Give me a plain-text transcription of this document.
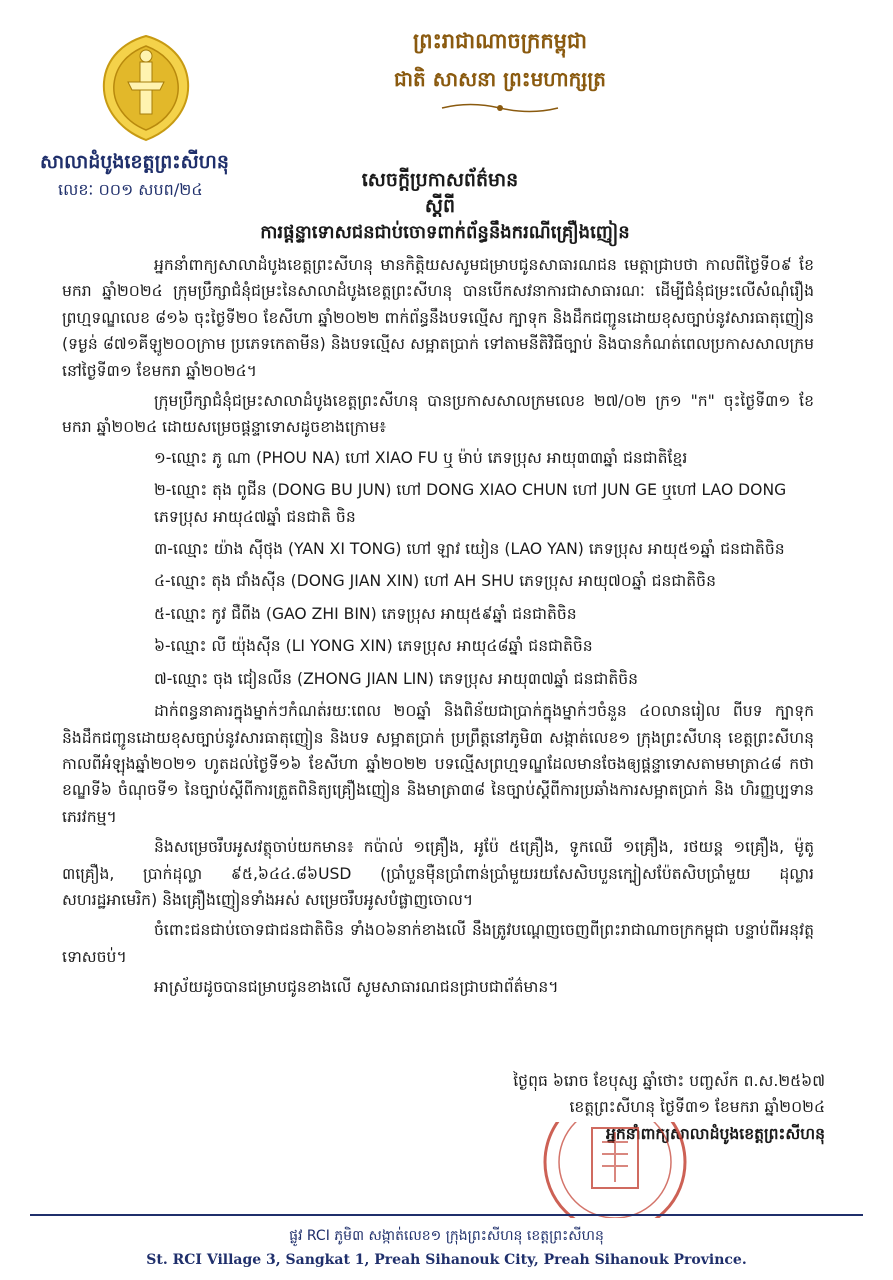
សាលាដំបូងខេត្តព្រះសីហនុ
លេខៈ ០០១ សបព/២៤
ព្រះរាជាណាចក្រកម្ពុជា
ជាតិ សាសនា ព្រះមហាក្សត្រ
សេចក្តីប្រកាសព័ត៌មាន
ស្តីពី
ការផ្តន្ទាទោសជនជាប់ចោទពាក់ព័ន្ធនឹងករណីគ្រឿងញៀន

អ្នកនាំពាក្យសាលាដំបូងខេត្តព្រះសីហនុ មានកិត្តិយសសូមជម្រាបជូនសាធារណជន មេត្តាជ្រាបថា កាលពីថ្ងៃទី០៩ ខែមករា ឆ្នាំ២០២៤ ក្រុមប្រឹក្សាជំនុំជម្រះនៃសាលាដំបូងខេត្តព្រះសីហនុ បានបើកសវនាការជាសាធារណៈ ដើម្បីជំនុំជម្រះលើសំណុំរឿងព្រហ្មទណ្ឌលេខ ៨១៦ ចុះថ្ងៃទី២០ ខែសីហា ឆ្នាំ២០២២ ពាក់ព័ន្ធនឹងបទល្មើស ក្បាទុក និងដឹកជញ្ជូនដោយខុសច្បាប់នូវសារធាតុញៀន (ទម្ងន់ ៨៧១គីឡូ២០០ក្រាម ប្រភេទកេតាមីន) និងបទល្មើស សម្អាតប្រាក់ ទៅតាមនីតិវិធីច្បាប់ និងបានកំណត់ពេលប្រកាសសាលក្រមនៅថ្ងៃទី៣១ ខែមករា ឆ្នាំ២០២៤។

ក្រុមប្រឹក្សាជំនុំជម្រះសាលាដំបូងខេត្តព្រះសីហនុ បានប្រកាសសាលក្រមលេខ ២៧/០២ ក្រ១ "ក" ចុះថ្ងៃទី៣១ ខែមករា ឆ្នាំ២០២៤ ដោយសម្រេចផ្តន្ទាទោសដូចខាងក្រោម៖

១-ឈ្មោះ ភូ ណា (PHOU NA) ហៅ XIAO FU ឬ ម៉ាប់ ភេទប្រុស អាយុ៣៣ឆ្នាំ ជនជាតិខ្មែរ
២-ឈ្មោះ តុង ពូជីន (DONG BU JUN) ហៅ DONG XIAO CHUN ហៅ JUN GE ឬហៅ LAO DONG ភេទប្រុស អាយុ៤៧ឆ្នាំ ជនជាតិ ចិន
៣-ឈ្មោះ យ៉ាង ស៊ីថុង (YAN XI TONG) ហៅ ឡាវ យៀន (LAO YAN) ភេទប្រុស អាយុ៥១ឆ្នាំ ជនជាតិចិន
៤-ឈ្មោះ តុង ជាំងស៊ីន (DONG JIAN XIN) ហៅ AH SHU ភេទប្រុស អាយុ៧០ឆ្នាំ ជនជាតិចិន
៥-ឈ្មោះ កូវ ជឺពីង (GAO ZHI BIN) ភេទប្រុស អាយុ៥៩ឆ្នាំ ជនជាតិចិន
៦-ឈ្មោះ លី យ៉ុងស៊ីន (LI YONG XIN) ភេទប្រុស អាយុ៤៨ឆ្នាំ ជនជាតិចិន
៧-ឈ្មោះ ចុង ជៀនលីន (ZHONG JIAN LIN) ភេទប្រុស អាយុ៣៧ឆ្នាំ ជនជាតិចិន

ដាក់ពន្ធនាគារក្នុងម្នាក់ៗកំណត់រយៈពេល ២០ឆ្នាំ និងពិន័យជាប្រាក់ក្នុងម្នាក់ៗចំនួន ៤០លានរៀល ពីបទ ក្បាទុក និងដឹកជញ្ជូនដោយខុសច្បាប់នូវសារធាតុញៀន និងបទ សម្អាតប្រាក់ ប្រព្រឹត្តនៅភូមិ៣ សង្កាត់លេខ១ ក្រុងព្រះសីហនុ ខេត្តព្រះសីហនុ កាលពីអំឡុងឆ្នាំ២០២១ ហូតដល់ថ្ងៃទី១៦ ខែសីហា ឆ្នាំ២០២២ បទល្មើសព្រហ្មទណ្ឌដែលមានចែងឲ្យផ្តន្ទាទោសតាមមាត្រា៤៨ កថាខណ្ឌទី៦ ចំណុចទី១ នៃច្បាប់ស្តីពីការត្រួតពិនិត្យគ្រឿងញៀន និងមាត្រា៣៨ នៃច្បាប់ស្តីពីការប្រឆាំងការសម្អាតប្រាក់ និង ហិរញ្ញប្បទានភេរវកម្ម។

និងសម្រេចរឹបអូសវត្ថុចាប់យកមាន៖ កប៉ាល់ ១គ្រឿង, អូប៉ែ ៥គ្រឿង, ទូកឈើ ១គ្រឿង, រថយន្ត ១គ្រឿង, ម៉ូតូ ៣គ្រឿង, ប្រាក់ដុល្លា ៩៥,៦៤៤.៨៦USD (ប្រាំបួនម៉ឺនប្រាំពាន់ប្រាំមួយរយសែសិបបួនក្បៀសប៉ែតសិបប្រាំមួយ ដុល្លារសហរដ្ឋអាមេរិក) និងគ្រឿងញៀនទាំងអស់ សម្រេចរឹបអូសបំផ្លាញចោល។

ចំពោះជនជាប់ចោទជាជនជាតិចិន ទាំង០៦នាក់ខាងលើ នឹងត្រូវបណ្តេញចេញពីព្រះរាជាណាចក្រកម្ពុជា បន្ទាប់ពីអនុវត្តទោសចប់។

អាស្រ័យដូចបានជម្រាបជូនខាងលើ សូមសាធារណជនជ្រាបជាព័ត៌មាន។

ថ្ងៃពុធ ៦រោច ខែបុស្ស ឆ្នាំថោះ បញ្ចស័ក ព.ស.២៥៦៧
ខេត្តព្រះសីហនុ ថ្ងៃទី៣១ ខែមករា ឆ្នាំ២០២៤
អ្នកនាំពាក្យសាលាដំបូងខេត្តព្រះសីហនុ
ផ្លូវ RCI ភូមិ៣ សង្កាត់លេខ១ ក្រុងព្រះសីហនុ ខេត្តព្រះសីហនុ
St. RCI Village 3, Sangkat 1, Preah Sihanouk City, Preah Sihanouk Province.
